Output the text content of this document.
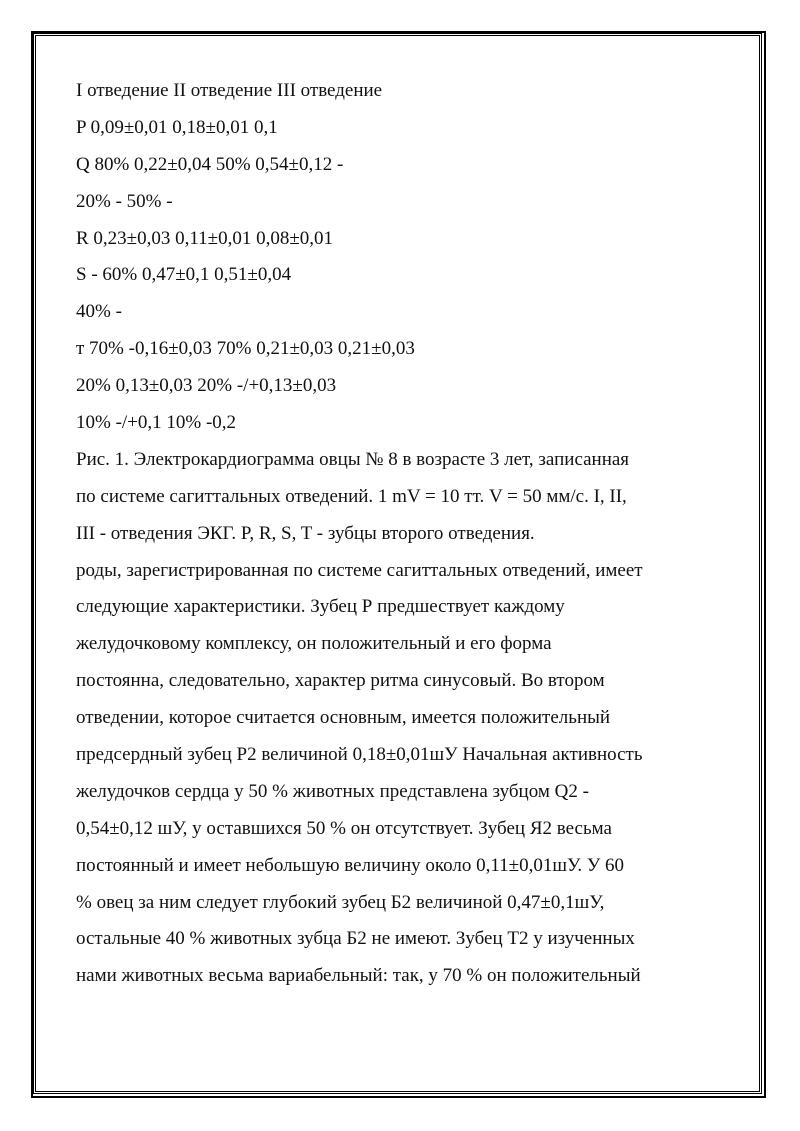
I отведение II отведение III отведение
P 0,09±0,01 0,18±0,01 0,1
Q 80% 0,22±0,04 50% 0,54±0,12 -
20% - 50% -
R 0,23±0,03 0,11±0,01 0,08±0,01
S - 60% 0,47±0,1 0,51±0,04
40% -
т 70% -0,16±0,03 70% 0,21±0,03 0,21±0,03
20% 0,13±0,03 20% -/+0,13±0,03
10% -/+0,1 10% -0,2
Рис. 1. Электрокардиограмма овцы № 8 в возрасте 3 лет, записанная
по системе сагиттальных отведений. 1 mV = 10 тт. V = 50 мм/с. I, II,
III - отведения ЭКГ. P, R, S, T - зубцы второго отведения.
роды, зарегистрированная по системе сагиттальных отведений, имеет
следующие характеристики. Зубец Р предшествует каждому
желудочковому комплексу, он положительный и его форма
постоянна, следовательно, характер ритма синусовый. Во втором
отведении, которое считается основным, имеется положительный
предсердный зубец Р2 величиной 0,18±0,01шУ Начальная активность
желудочков сердца у 50 % животных представлена зубцом Q2 -
0,54±0,12 шУ, у оставшихся 50 % он отсутствует. Зубец Я2 весьма
постоянный и имеет небольшую величину около 0,11±0,01шУ. У 60
% овец за ним следует глубокий зубец Б2 величиной 0,47±0,1шУ,
остальные 40 % животных зубца Б2 не имеют. Зубец Т2 у изученных
нами животных весьма вариабельный: так, у 70 % он положительный
